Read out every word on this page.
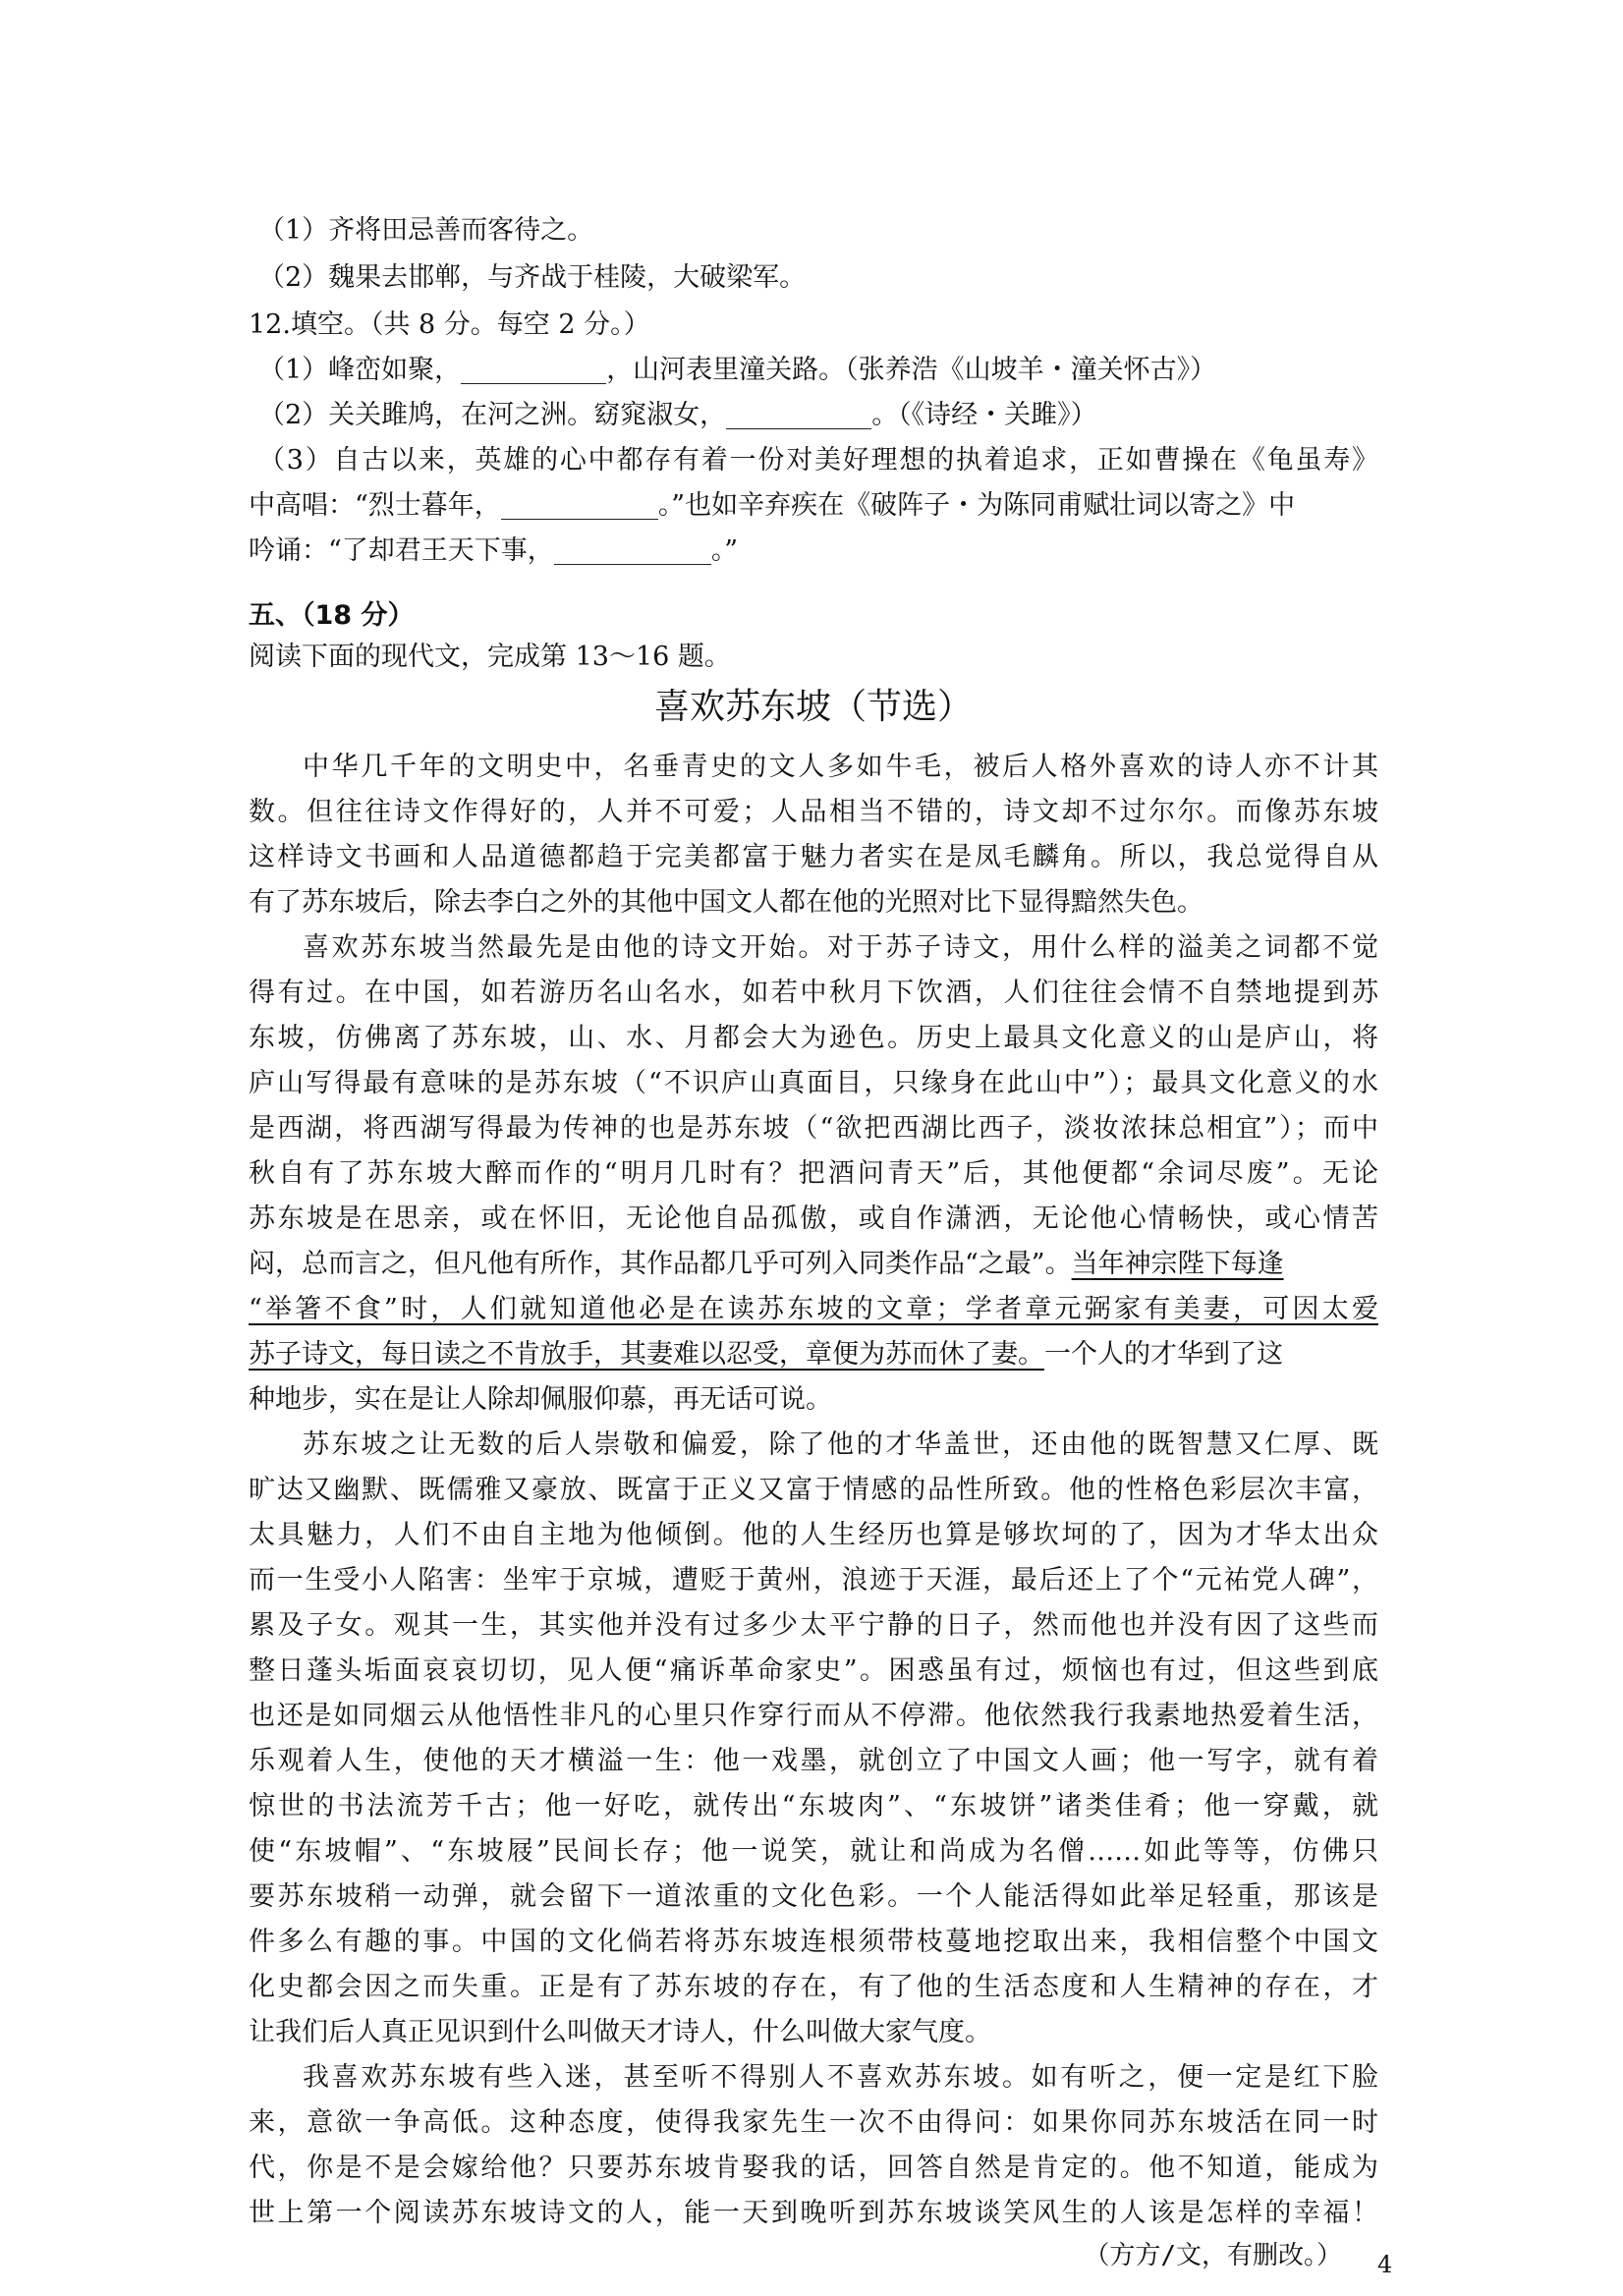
（1）齐将田忌善而客待之。
（2）魏果去邯郸，与齐战于桂陵，大破梁军。
12.填空。（共 8 分。每空 2 分。）
（1）峰峦如聚，	，山河表里潼关路。（张养浩《山坡羊・潼关怀古》）
（2）关关雎鸠，在河之洲。窈窕淑女，	。（《诗经・关雎》）
（3）自古以来，英雄的心中都存有着一份对美好理想的执着追求，正如曹操在《龟虽寿》
中高唱：“烈士暮年，	。”也如辛弃疾在《破阵子・为陈同甫赋壮词以寄之》中
吟诵：“了却君王天下事，	。”
五、（18 分）
阅读下面的现代文，完成第 13～16 题。
喜欢苏东坡（节选）
中华几千年的文明史中，名垂青史的文人多如牛毛，被后人格外喜欢的诗人亦不计其
数。但往往诗文作得好的，人并不可爱；人品相当不错的，诗文却不过尔尔。而像苏东坡
这样诗文书画和人品道德都趋于完美都富于魅力者实在是凤毛麟角。所以，我总觉得自从
有了苏东坡后，除去李白之外的其他中国文人都在他的光照对比下显得黯然失色。
喜欢苏东坡当然最先是由他的诗文开始。对于苏子诗文，用什么样的溢美之词都不觉
得有过。在中国，如若游历名山名水，如若中秋月下饮酒，人们往往会情不自禁地提到苏
东坡，仿佛离了苏东坡，山、水、月都会大为逊色。历史上最具文化意义的山是庐山，将
庐山写得最有意味的是苏东坡（“不识庐山真面目，只缘身在此山中”）；最具文化意义的水
是西湖，将西湖写得最为传神的也是苏东坡（“欲把西湖比西子，淡妆浓抹总相宜”）；而中
秋自有了苏东坡大醉而作的“明月几时有？把酒问青天”后，其他便都“余词尽废”。无论
苏东坡是在思亲，或在怀旧，无论他自品孤傲，或自作潇洒，无论他心情畅快，或心情苦
闷，总而言之，但凡他有所作，其作品都几乎可列入同类作品“之最”。当年神宗陛下每逢
“举箸不食”时，人们就知道他必是在读苏东坡的文章；学者章元弼家有美妻，可因太爱
苏子诗文，每日读之不肯放手，其妻难以忍受，章便为苏而休了妻。一个人的才华到了这
种地步，实在是让人除却佩服仰慕，再无话可说。
苏东坡之让无数的后人崇敬和偏爱，除了他的才华盖世，还由他的既智慧又仁厚、既
旷达又幽默、既儒雅又豪放、既富于正义又富于情感的品性所致。他的性格色彩层次丰富，
太具魅力，人们不由自主地为他倾倒。他的人生经历也算是够坎坷的了，因为才华太出众
而一生受小人陷害：坐牢于京城，遭贬于黄州，浪迹于天涯，最后还上了个“元祐党人碑”，
累及子女。观其一生，其实他并没有过多少太平宁静的日子，然而他也并没有因了这些而
整日蓬头垢面哀哀切切，见人便“痛诉革命家史”。困惑虽有过，烦恼也有过，但这些到底
也还是如同烟云从他悟性非凡的心里只作穿行而从不停滞。他依然我行我素地热爱着生活，
乐观着人生，使他的天才横溢一生：他一戏墨，就创立了中国文人画；他一写字，就有着
惊世的书法流芳千古；他一好吃，就传出“东坡肉”、“东坡饼”诸类佳肴；他一穿戴，就
使“东坡帽”、“东坡屐”民间长存；他一说笑，就让和尚成为名僧……如此等等，仿佛只
要苏东坡稍一动弹，就会留下一道浓重的文化色彩。一个人能活得如此举足轻重，那该是
件多么有趣的事。中国的文化倘若将苏东坡连根须带枝蔓地挖取出来，我相信整个中国文
化史都会因之而失重。正是有了苏东坡的存在，有了他的生活态度和人生精神的存在，才
让我们后人真正见识到什么叫做天才诗人，什么叫做大家气度。
我喜欢苏东坡有些入迷，甚至听不得别人不喜欢苏东坡。如有听之，便一定是红下脸
来，意欲一争高低。这种态度，使得我家先生一次不由得问：如果你同苏东坡活在同一时
代，你是不是会嫁给他？只要苏东坡肯娶我的话，回答自然是肯定的。他不知道，能成为
世上第一个阅读苏东坡诗文的人，能一天到晚听到苏东坡谈笑风生的人该是怎样的幸福！
（方方/文，有删改。） 4
